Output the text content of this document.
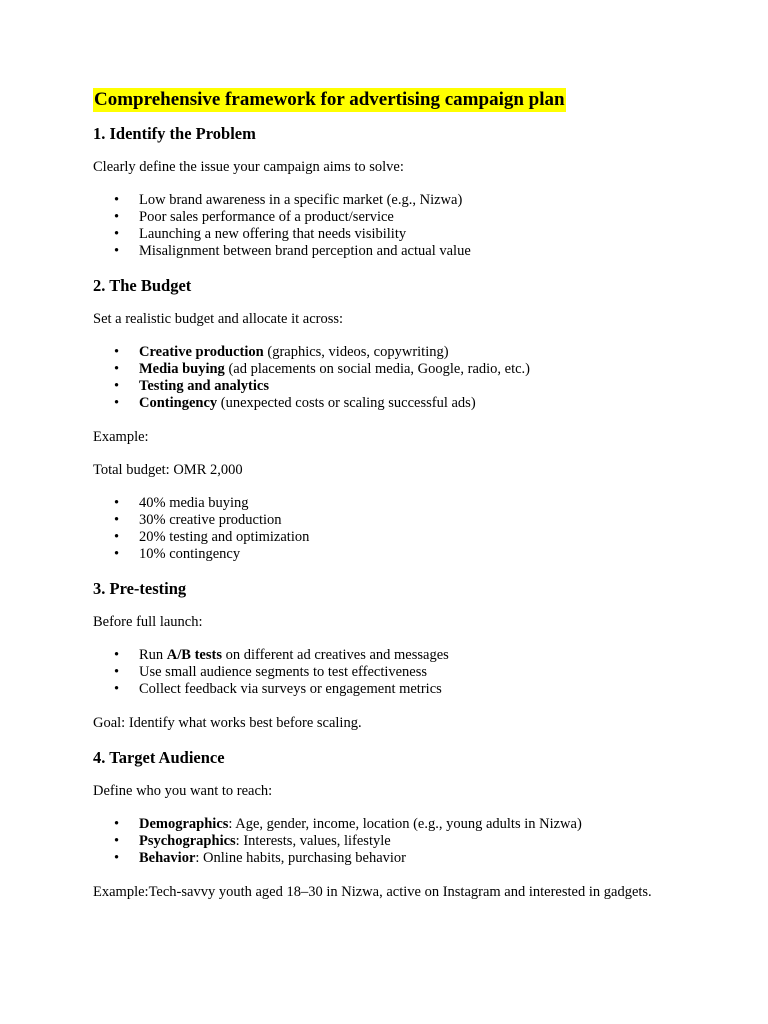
Comprehensive framework for advertising campaign plan
1. Identify the Problem

Clearly define the issue your campaign aims to solve:

• Low brand awareness in a specific market (e.g., Nizwa)
• Poor sales performance of a product/service
• Launching a new offering that needs visibility
• Misalignment between brand perception and actual value
2. The Budget

Set a realistic budget and allocate it across:

• Creative production (graphics, videos, copywriting)
• Media buying (ad placements on social media, Google, radio, etc.)
• Testing and analytics
• Contingency (unexpected costs or scaling successful ads)

Example:

Total budget: OMR 2,000

• 40% media buying
• 30% creative production
• 20% testing and optimization
• 10% contingency
3. Pre-testing

Before full launch:

• Run A/B tests on different ad creatives and messages
• Use small audience segments to test effectiveness
• Collect feedback via surveys or engagement metrics

Goal: Identify what works best before scaling.

4. Target Audience

Define who you want to reach:

• Demographics: Age, gender, income, location (e.g., young adults in Nizwa)
• Psychographics: Interests, values, lifestyle
• Behavior: Online habits, purchasing behavior

Example:Tech-savvy youth aged 18–30 in Nizwa, active on Instagram and interested in gadgets.
